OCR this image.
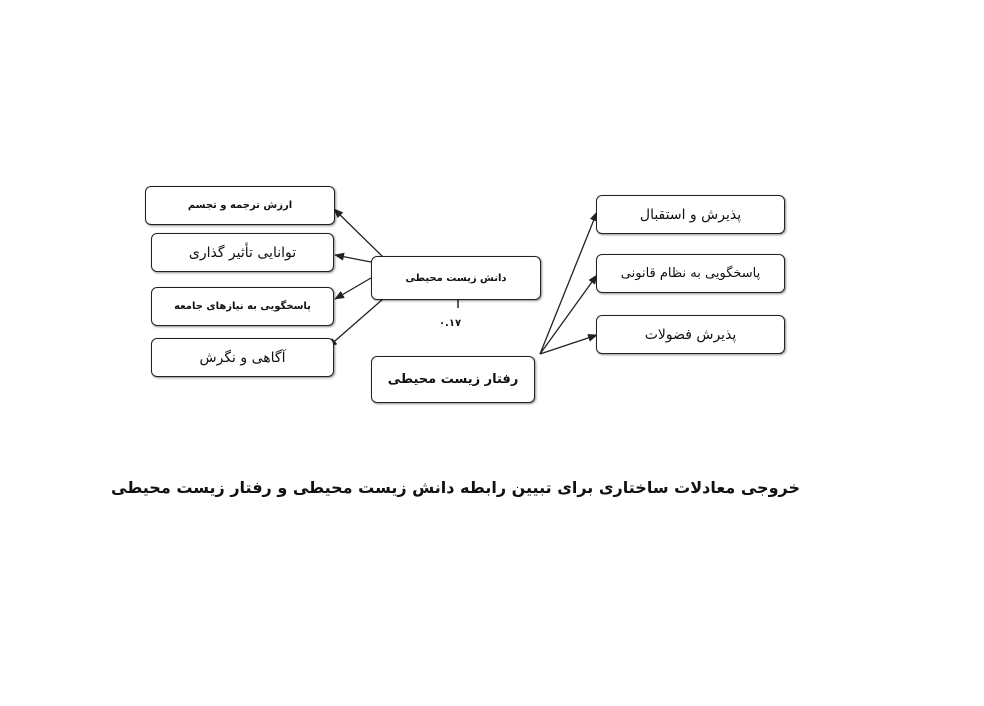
ارزش ترجمه و تجسم
توانایی تأثیر گذاری
پاسخگویی به نیازهای جامعه
آگاهی و نگرش
دانش زیست محیطی
رفتار زیست محیطی
۰.۱۷
پذیرش و استقبال
پاسخگویی به نظام قانونی
پذیرش فضولات
خروجی معادلات ساختاری برای تبیین رابطه دانش زیست محیطی و رفتار زیست محیطی
